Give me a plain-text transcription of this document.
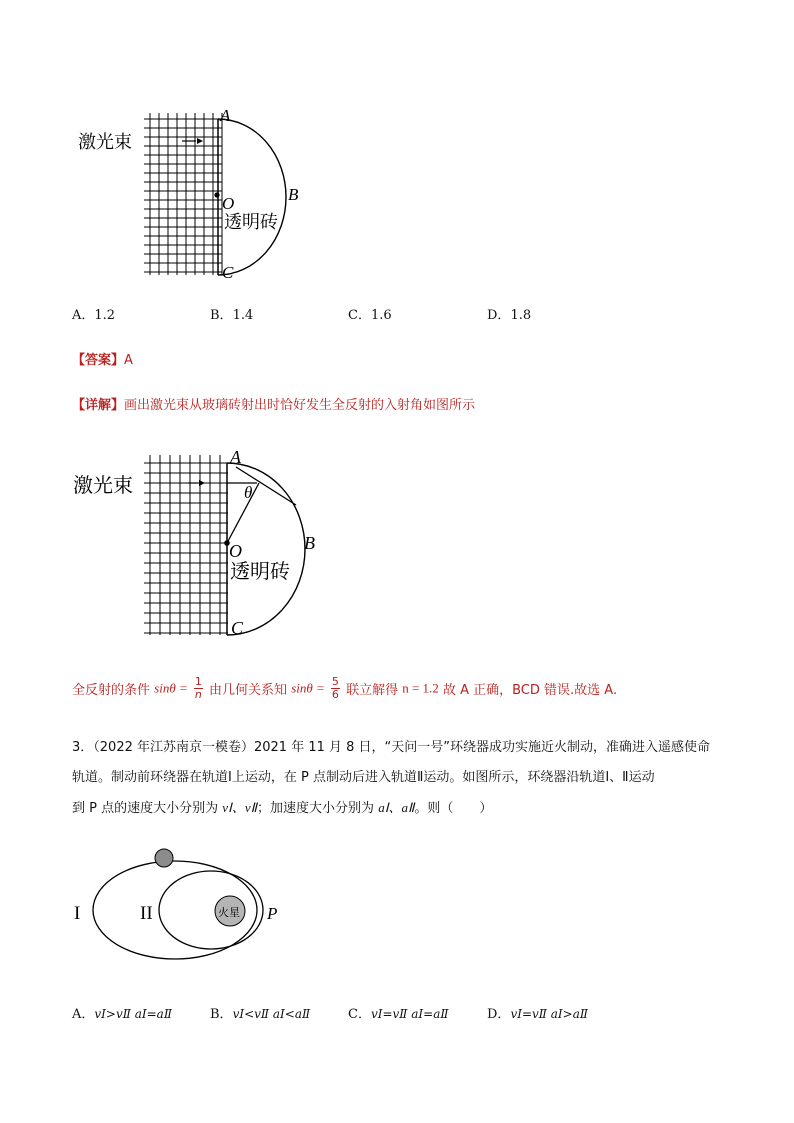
激光束
A
B
O
透明砖
C
A．1.2	B．1.4	C．1.6	D．1.8
【答案】A
【详解】画出激光束从玻璃砖射出时恰好发生全反射的入射角如图所示
激光束
A
θ
B
O
透明砖
C
全反射的条件 $\sin\theta = \frac{1}{n}$ 由几何关系知 $\sin\theta = \frac{5}{6}$ 联立解得 n = 1.2 故 A 正确，BCD 错误.故选 A.
3．（2022 年江苏南京一模卷）2021 年 11 月 8 日，“天问一号”环绕器成功实施近火制动，准确进入遥感使命
轨道。制动前环绕器在轨道Ⅰ上运动，在 P 点制动后进入轨道Ⅱ运动。如图所示，环绕器沿轨道Ⅰ、Ⅱ运动
到 P 点的速度大小分别为 vⅠ、vⅡ；加速度大小分别为 aⅠ、aⅡ。则（　　）
火星
I	II	P
A．vⅠ>vⅡ aⅠ=aⅡ	B．vⅠ<vⅡ aⅠ<aⅡ	C．vⅠ=vⅡ aⅠ=aⅡ	D．vⅠ=vⅡ aⅠ>aⅡ
